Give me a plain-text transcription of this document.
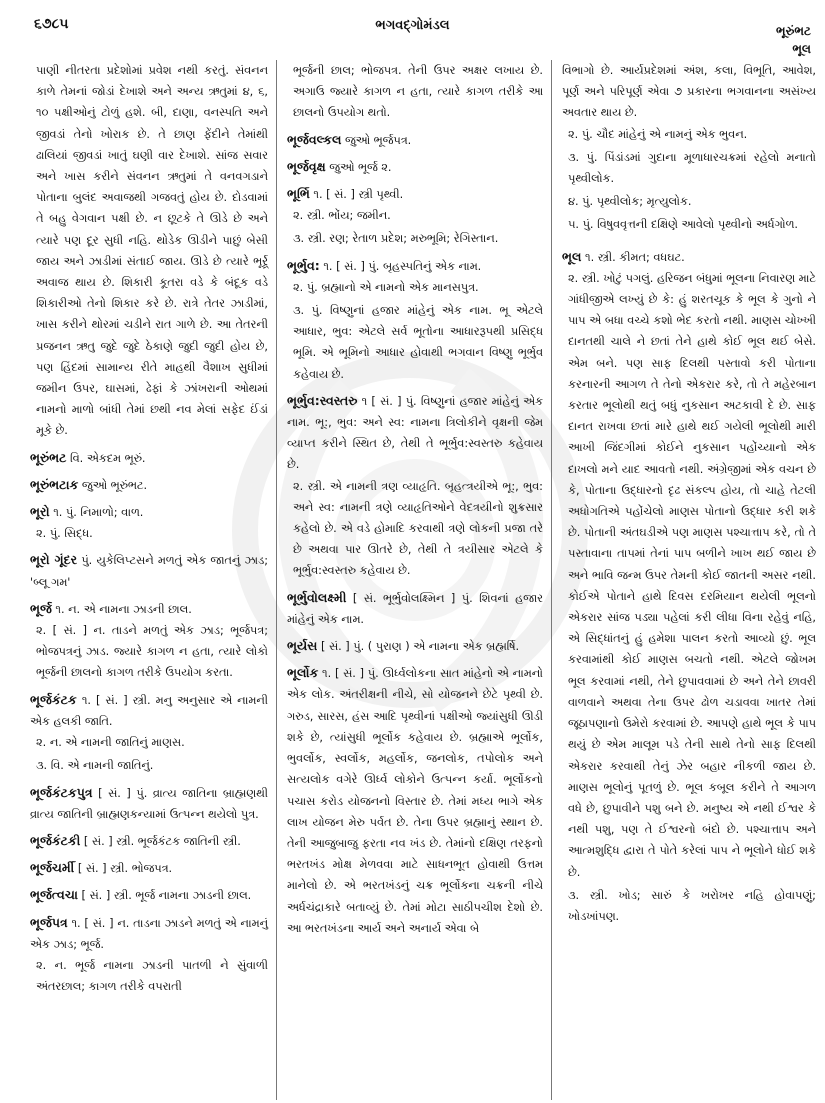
૬૭૮૫	ભગવદ્ગોમંડલ	ભૂરુંભટ
ભૂલ

પાણી નીતરતા પ્રદેશોમાં પ્રવેશ નથી કરતું. સંવનન કાળે તેમનાં જોડાં દેખાશે અને અન્ય ઋતુમાં ૪, ૬, ૧૦ પક્ષીઓનું ટોળું હશે. બી, દાણા, વનસ્પતિ અને જીવડાં તેનો ખોરાક છે. તે છાણ ફેંદીને તેમાંથી ઢાલિયાં જીવડાં ખાતું ઘણી વાર દેખાશે. સાંજ સવાર અને ખાસ કરીને સંવનન ઋતુમાં તે વનવગડાને પોતાના બુલંદ અવાજથી ગજવતું હોય છે. દોડવામાં તે બહુ વેગવાન પક્ષી છે. ન છૂટકે તે ઊડે છે અને ત્યારે પણ દૂર સુધી નહિ. થોડેક ઊડીને પાછું બેસી જાય અને ઝાડીમાં સંતાઈ જાય. ઊડે છે ત્યારે ભૂર્ર્ર્ર્ અવાજ થાય છે. શિકારી કૂતરા વડે કે બંદૂક વડે શિકારીઓ તેનો શિકાર કરે છે. રાત્રે તેતર ઝાડીમાં, ખાસ કરીને થોરમાં ચડીને રાત ગાળે છે. આ તેતરની પ્રજનન ઋતુ જુદે જુદે ઠેકાણે જુદી જુદી હોય છે, પણ હિંદમાં સામાન્ય રીતે માહથી વૈશાખ સુધીમાં જમીન ઉપર, ઘાસમાં, ઢેફાં કે ઝાંખરાની ઓથમાં નામનો માળો બાંધી તેમાં છથી નવ મેલાં સફેદ ઈંડાં મૂકે છે.

ભૂરુંભટ વિ. એકદમ ભૂરું.
ભૂરુંભટાક જુઓ ભૂરુંભટ.
ભૂરો ૧. પું. નિમાળો; વાળ.
૨. પું. સિદ્ધ.
ભૂરો ગૂંદર પું. યુકેલિપ્ટસને મળતું એક જાતનું ઝાડ; 'બ્લૂ ગમ'
ભૂર્જ ૧. ન. એ નામના ઝાડની છાલ.
૨. [ સં. ] ન. તાડને મળતું એક ઝાડ; ભૂર્જપત્ર; ભોજપત્રનું ઝાડ. જ્યારે કાગળ ન હતા, ત્યારે લોકો ભૂર્જની છાલનો કાગળ તરીકે ઉપયોગ કરતા.
ભૂર્જકંટક ૧. [ સં. ] સ્ત્રી. મનુ અનુસાર એ નામની એક હલકી જાતિ.
૨. ન. એ નામની જાતિનું માણસ.
૩. વિ. એ નામની જાતિનું.
ભૂર્જકંટકપુત્ર [ સં. ] પું. વ્રાત્ય જાતિના બ્રાહ્મણથી વ્રાત્ય જાતિની બ્રાહ્મણકન્યામાં ઉત્પન્ન થયેલો પુત્ર.
ભૂર્જકંટકી [ સં. ] સ્ત્રી. ભૂર્જકંટક જાતિની સ્ત્રી.
ભૂર્જચર્મી [ સં. ] સ્ત્રી. ભોજપત્ર.
ભૂર્જત્વચા [ સં. ] સ્ત્રી. ભૂર્જ નામના ઝાડની છાલ.
ભૂર્જપત્ર ૧. [ સં. ] ન. તાડના ઝાડને મળતું એ નામનું એક ઝાડ; ભૂર્જ.
૨. ન. ભૂર્જ નામના ઝાડની પાતળી ને સુંવાળી અંતરછાલ; કાગળ તરીકે વપરાતી

ભૂર્જની છાલ; ભોજપત્ર. તેની ઉપર અક્ષર લખાય છે. અગાઉ જ્યારે કાગળ ન હતા, ત્યારે કાગળ તરીકે આ છાલનો ઉપયોગ થતો.

ભૂર્જવલ્કલ જુઓ ભૂર્જપત્ર.
ભૂર્જવૃક્ષ જુઓ ભૂર્જ ૨.
ભૂર્ભિ ૧. [ સં. ] સ્ત્રી પૃથ્વી.
૨. સ્ત્રી. ભોંય; જમીન.
૩. સ્ત્રી. રણ; રેતાળ પ્રદેશ; મરુભૂમિ; રેગિસ્તાન.
ભૂર્ભુવ: ૧. [ સં. ] પું. બૃહસ્પતિનું એક નામ.
૨. પું. બ્રહ્માનો એ નામનો એક માનસપુત્ર.
૩. પું. વિષ્ણુનાં હજાર માંહેનું એક નામ. ભૂ એટલે આધાર, ભુવ: એટલે સર્વ ભૂતોના આધારરૂપથી પ્રસિદ્ધ ભૂમિ. એ ભૂમિનો આધાર હોવાથી ભગવાન વિષ્ણુ ભૂર્ભુવ કહેવાય છે.
ભૂર્ભુવ:સ્વસ્તરુ ૧ [ સં. ] પું. વિષ્ણુનાં હજાર માંહેનું એક નામ. ભૂ:, ભુવ: અને સ્વ: નામના ત્રિલોકીને વૃક્ષની જેમ વ્યાપ્ત કરીને સ્થિત છે, તેથી તે ભૂર્ભુવ:સ્વસ્તરુ કહેવાય છે.
૨. સ્ત્રી. એ નામની ત્રણ વ્યાહૃતિ. બૃહત્ત્રયીએ ભૂ:, ભુવ: અને સ્વ: નામની ત્રણે વ્યાહૃતિઓને વેદત્રયીનો શુક્રસાર કહેલો છે. એ વડે હોમાદિ કરવાથી ત્રણે લોકની પ્રજા તરે છે અથવા પાર ઊતરે છે, તેથી તે ત્રયીસાર એટલે કે ભૂર્ભુવ:સ્વસ્તરુ કહેવાય છે.
ભૂર્ભુવોલક્ષ્મી [ સં. ભૂર્ભુવોલક્ષ્મિન ] પું. શિવનાં હજાર માંહેનું એક નામ.
ભૂર્યસ [ સં. ] પું. ( પુરાણ ) એ નામના એક બ્રહ્મર્ષિ.
ભૂર્લોક ૧. [ સં. ] પું. ઊર્ધ્વલોકના સાત માંહેનો એ નામનો એક લોક. અંતરીક્ષની નીચે, સો યોજનને છેટે પૃથ્વી છે. ગરુડ, સારસ, હંસ આદિ પૃથ્વીનાં પક્ષીઓ જ્યાંસુધી ઊડી શકે છે, ત્યાંસુધી ભૂર્લોક કહેવાય છે. બ્રહ્માએ ભૂર્લોક, ભુવર્લોક, સ્વર્લોક, મહર્લોક, જનલોક, તપોલોક અને સત્યલોક વગેરે ઊર્ધ્વ લોકોને ઉત્પન્ન કર્યા. ભૂર્લોકનો પચાસ કરોડ યોજનનો વિસ્તાર છે. તેમાં મધ્ય ભાગે એક લાખ યોજન મેરુ પર્વત છે. તેના ઉપર બ્રહ્માનું સ્થાન છે. તેની આજુબાજુ ફરતા નવ ખંડ છે. તેમાંનો દક્ષિણ તરફનો ભરતખંડ મોક્ષ મેળવવા માટે સાધનભૂત હોવાથી ઉત્તમ માનેલો છે. એ ભરતખંડનું ચક્ર ભૂર્લોકના ચક્રની નીચે અર્ધચંદ્રાકારે બતાવ્યું છે. તેમાં મોટા સાઠીપચીશ દેશો છે. આ ભરતખંડના આર્ય અને અનાર્ય એવા બે
વિભાગો છે. આર્યપ્રદેશમાં અંશ, કલા, વિભૂતિ, આવેશ, પૂર્ણ અને પરિપૂર્ણ એવા ૭ પ્રકારના ભગવાનના અસંખ્ય અવતાર થાય છે.
૨. પું. ચૌદ માંહેનું એ નામનું એક ભુવન.
૩. પું. પિંડાંડમાં ગુદાના મૂળાધારચક્રમાં રહેલો મનાતો પૃથ્વીલોક.
૪. પું. પૃથ્વીલોક; મૃત્યુલોક.
૫. પું. વિષુવવૃત્તની દક્ષિણે આવેલો પૃથ્વીનો અર્ધગોળ.
ભૂલ ૧. સ્ત્રી. કીમત; વધઘટ.
૨. સ્ત્રી. ખોટું પગલું. હરિજન બંધુમાં ભૂલના નિવારણ માટે ગાંધીજીએ લખ્યું છે કે: હું શરતચૂક કે ભૂલ કે ગુનો ને પાપ એ બધા વચ્ચે કશો ભેદ કરતો નથી. માણસ ચોખ્ખી દાનતથી ચાલે ને છતાં તેને હાથે કોઈ ભૂલ થઈ બેસે. એમ બને. પણ સાફ દિલથી પસ્તાવો કરી પોતાના કરનારની આગળ તે તેનો એકરાર કરે, તો તે મહેરબાન કરતાર ભૂલોથી થતું બધું નુકસાન અટકાવી દે છે. સાફ દાનત રાખવા છતાં મારે હાથે થઈ ગયેલી ભૂલોથી મારી આખી જિંદગીમાં કોઈને નુકસાન પહોંચ્યાનો એક દાખલો મને યાદ આવતો નથી. અંગ્રેજીમાં એક વચન છે કે, પોતાના ઉદ્ધારનો દૃઢ સંકલ્પ હોય, તો ચાહે તેટલી અધોગતિએ પહોંચેલો માણસ પોતાનો ઉદ્ધાર કરી શકે છે. પોતાની અંતઘડીએ પણ માણસ પશ્ચાત્તાપ કરે, તો તે પસ્તાવાના તાપમાં તેનાં પાપ બળીને ખાખ થઈ જાય છે અને ભાવિ જન્મ ઉપર તેમની કોઈ જાતની અસર નથી. કોઈએ પોતાને હાથે દિવસ દરમિયાન થયેલી ભૂલનો એકરાર સાંજ પડ્યા પહેલાં કરી લીધા વિના રહેવું નહિ, એ સિદ્ધાંતનું હું હમેશા પાલન કરતો આવ્યો છું. ભૂલ કરવામાંથી કોઈ માણસ બચતો નથી. એટલે જોખમ ભૂલ કરવામાં નથી, તેને છુપાવવામાં છે અને તેને છાવરી વાળવાને અથવા તેના ઉપર ઢોળ ચડાવવા ખાતર તેમાં જૂઠાપણાનો ઉમેરો કરવામાં છે. આપણે હાથે ભૂલ કે પાપ થયું છે એમ માલૂમ પડે તેની સાથે તેનો સાફ દિલથી એકરાર કરવાથી તેનું ઝેર બહાર નીકળી જાય છે. માણસ ભૂલોનું પૂતળું છે. ભૂલ કબૂલ કરીને તે આગળ વધે છે, છુપાવીને પશુ બને છે. મનુષ્ય એ નથી ઈશ્વર કે નથી પશુ, પણ તે ઈશ્વરનો બંદો છે. પશ્ચાત્તાપ અને આત્મશુદ્ધિ દ્વારા તે પોતે કરેલાં પાપ ને ભૂલોને ધોઈ શકે છે.
૩. સ્ત્રી. ખોડ; સારું કે ખરોખર નહિ હોવાપણું; ખોડખાંપણ.
